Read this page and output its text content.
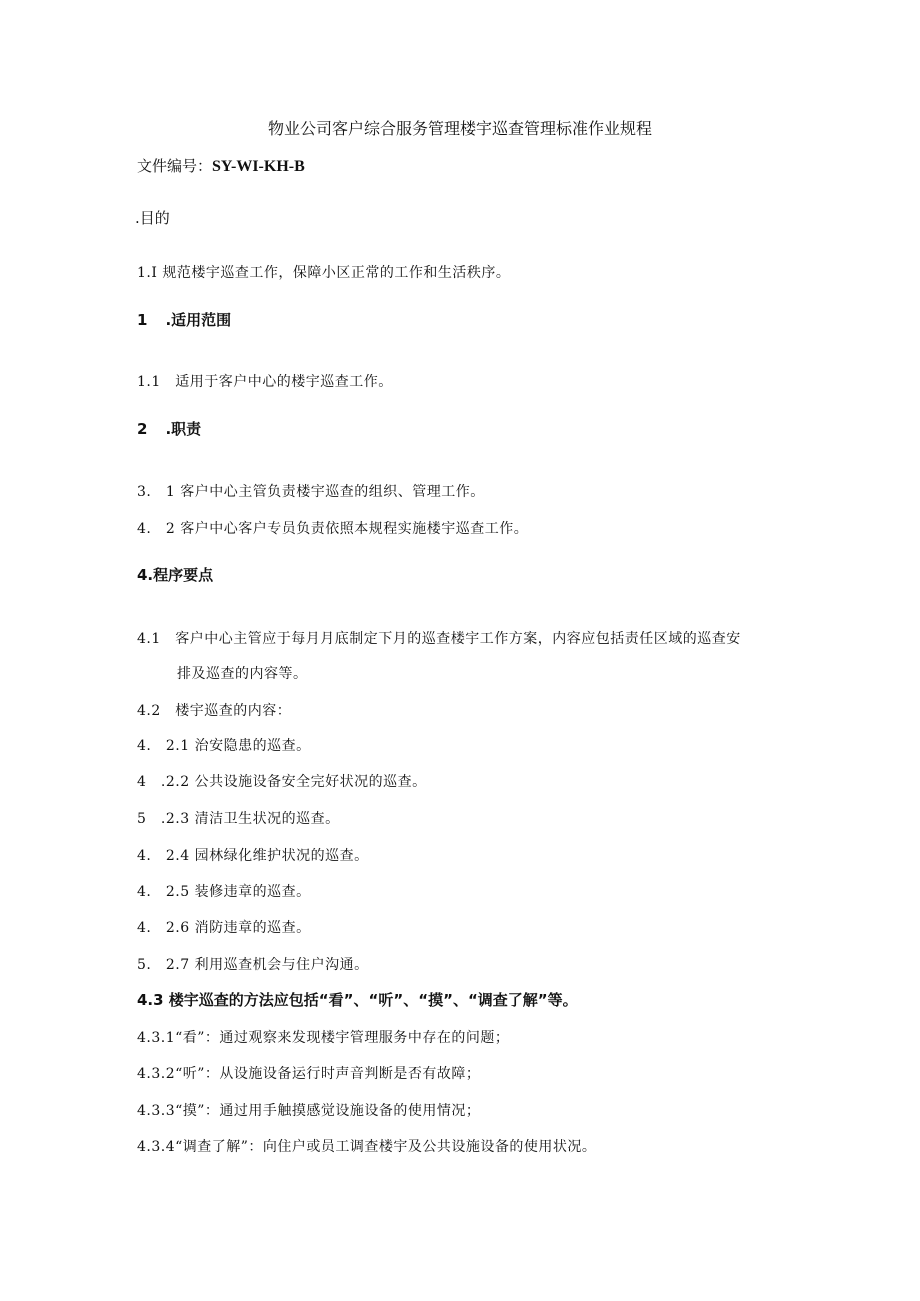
物业公司客户综合服务管理楼宇巡查管理标准作业规程
文件编号：SY-WI-KH-B
.目的
1.I 规范楼宇巡查工作，保障小区正常的工作和生活秩序。
1 .适用范围
1.1　适用于客户中心的楼宇巡查工作。
2 .职责
3.　1 客户中心主管负责楼宇巡查的组织、管理工作。
4.　2 客户中心客户专员负责依照本规程实施楼宇巡查工作。
4.程序要点
4.1　客户中心主管应于每月月底制定下月的巡查楼宇工作方案，内容应包括责任区域的巡查安
排及巡查的内容等。
4.2　楼宇巡查的内容：
4.　2.1 治安隐患的巡查。
4　.2.2 公共设施设备安全完好状况的巡查。
5　.2.3 清洁卫生状况的巡查。
4.　2.4 园林绿化维护状况的巡查。
4.　2.5 装修违章的巡查。
4.　2.6 消防违章的巡查。
5.　2.7 利用巡查机会与住户沟通。
4.3 楼宇巡查的方法应包括“看”、“听”、“摸”、“调查了解”等。
4.3.1“看”：通过观察来发现楼宇管理服务中存在的问题；
4.3.2“听”：从设施设备运行时声音判断是否有故障；
4.3.3“摸”：通过用手触摸感觉设施设备的使用情况；
4.3.4“调查了解”：向住户或员工调查楼宇及公共设施设备的使用状况。
